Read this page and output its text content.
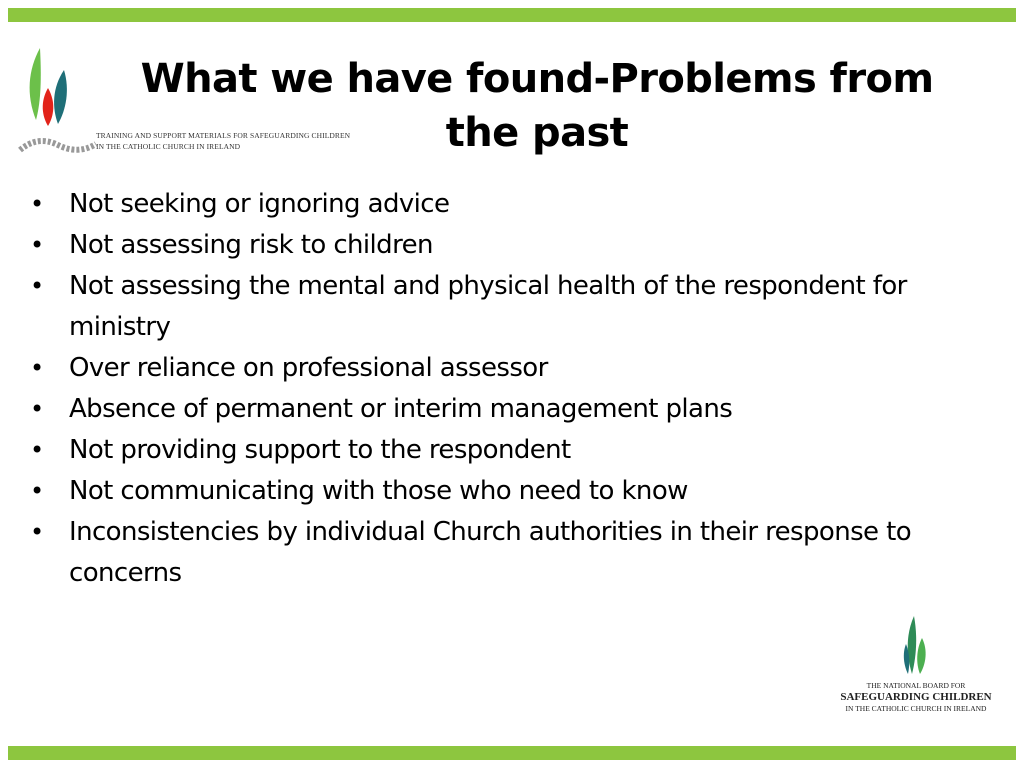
TRAINING AND SUPPORT MATERIALS FOR SAFEGUARDING CHILDREN
IN THE CATHOLIC CHURCH IN IRELAND
What we have found-Problems from the past
• Not seeking or ignoring advice
• Not assessing risk to children
• Not assessing the mental and physical health of the respondent for ministry
• Over reliance on professional assessor
• Absence of permanent or interim management plans
• Not providing support to the respondent
• Not communicating with those who need to know
• Inconsistencies by individual Church authorities in their response to concerns
THE NATIONAL BOARD FOR
SAFEGUARDING CHILDREN
IN THE CATHOLIC CHURCH IN IRELAND
